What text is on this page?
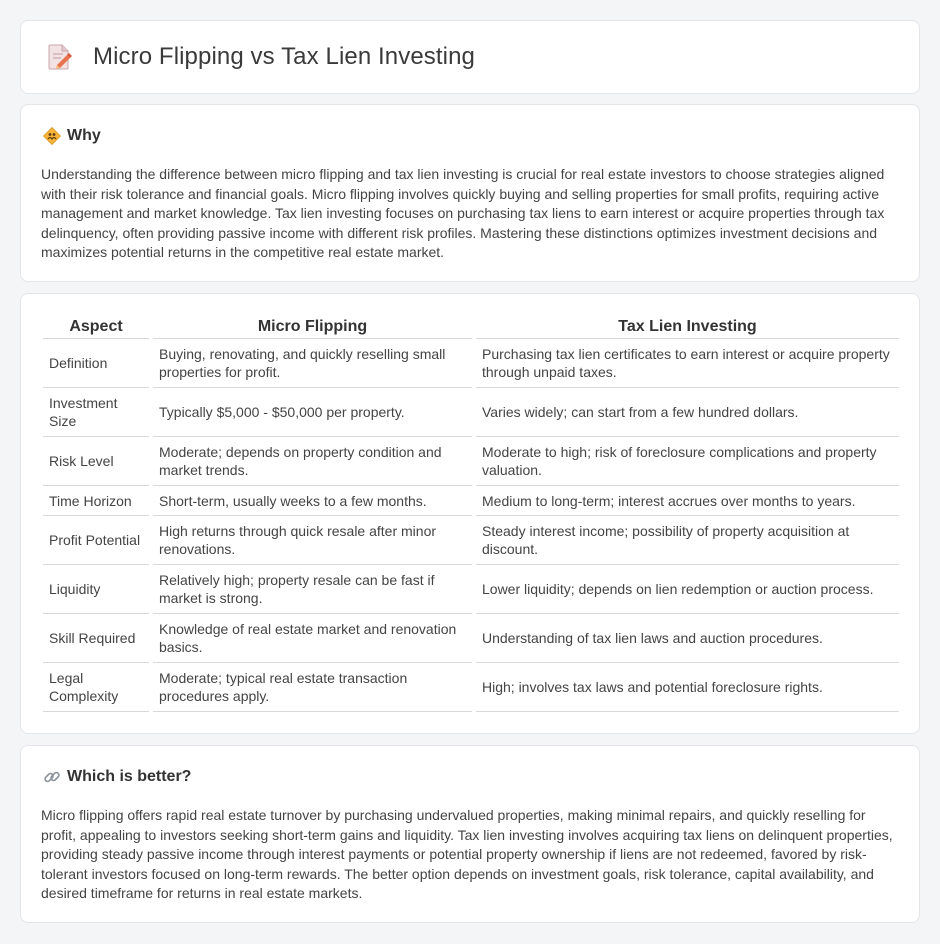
Micro Flipping vs Tax Lien Investing
Why

Understanding the difference between micro flipping and tax lien investing is crucial for real estate investors to choose strategies aligned with their risk tolerance and financial goals. Micro flipping involves quickly buying and selling properties for small profits, requiring active management and market knowledge. Tax lien investing focuses on purchasing tax liens to earn interest or acquire properties through tax delinquency, often providing passive income with different risk profiles. Mastering these distinctions optimizes investment decisions and maximizes potential returns in the competitive real estate market.

Aspect	Micro Flipping	Tax Lien Investing
Definition	Buying, renovating, and quickly reselling small properties for profit.	Purchasing tax lien certificates to earn interest or acquire property through unpaid taxes.
Investment Size	Typically $5,000 - $50,000 per property.	Varies widely; can start from a few hundred dollars.
Risk Level	Moderate; depends on property condition and market trends.	Moderate to high; risk of foreclosure complications and property valuation.
Time Horizon	Short-term, usually weeks to a few months.	Medium to long-term; interest accrues over months to years.
Profit Potential	High returns through quick resale after minor renovations.	Steady interest income; possibility of property acquisition at discount.
Liquidity	Relatively high; property resale can be fast if market is strong.	Lower liquidity; depends on lien redemption or auction process.
Skill Required	Knowledge of real estate market and renovation basics.	Understanding of tax lien laws and auction procedures.
Legal Complexity	Moderate; typical real estate transaction procedures apply.	High; involves tax laws and potential foreclosure rights.
Which is better?

Micro flipping offers rapid real estate turnover by purchasing undervalued properties, making minimal repairs, and quickly reselling for profit, appealing to investors seeking short-term gains and liquidity. Tax lien investing involves acquiring tax liens on delinquent properties, providing steady passive income through interest payments or potential property ownership if liens are not redeemed, favored by risk-tolerant investors focused on long-term rewards. The better option depends on investment goals, risk tolerance, capital availability, and desired timeframe for returns in real estate markets.
